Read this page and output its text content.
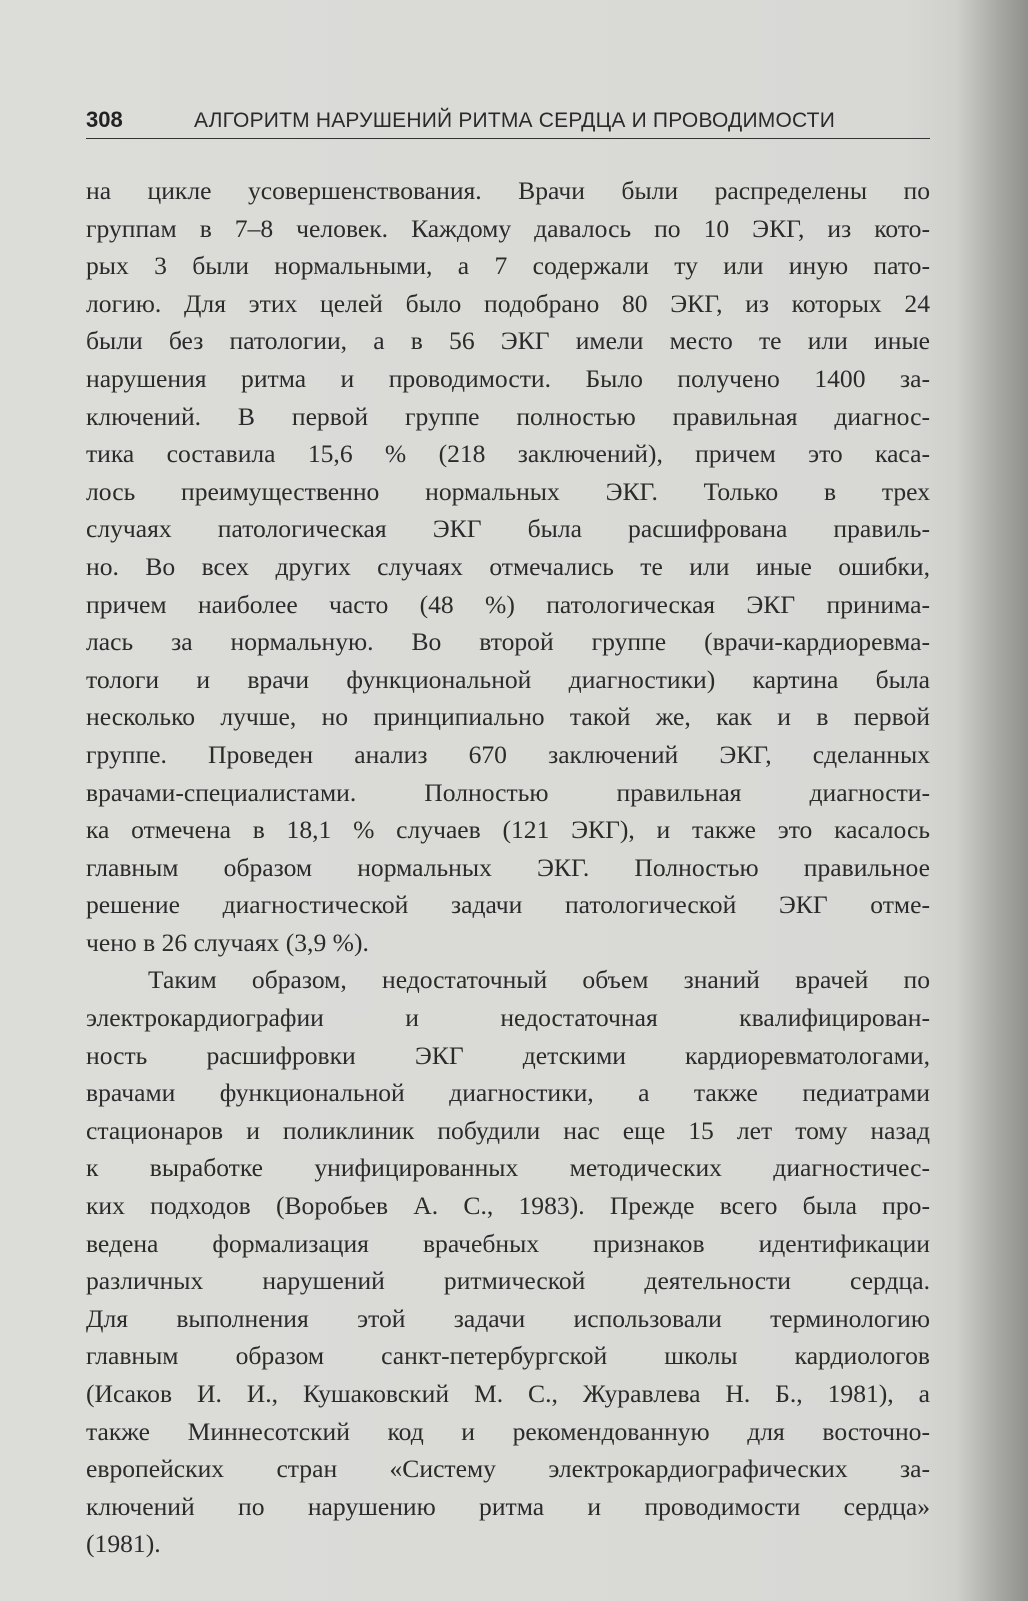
308	АЛГОРИТМ НАРУШЕНИЙ РИТМА СЕРДЦА И ПРОВОДИМОСТИ
на цикле усовершенствования. Врачи были распределены по
группам в 7–8 человек. Каждому давалось по 10 ЭКГ, из кото-
рых 3 были нормальными, а 7 содержали ту или иную пато-
логию. Для этих целей было подобрано 80 ЭКГ, из которых 24
были без патологии, а в 56 ЭКГ имели место те или иные
нарушения ритма и проводимости. Было получено 1400 за-
ключений. В первой группе полностью правильная диагнос-
тика составила 15,6 % (218 заключений), причем это каса-
лось преимущественно нормальных ЭКГ. Только в трех
случаях патологическая ЭКГ была расшифрована правиль-
но. Во всех других случаях отмечались те или иные ошибки,
причем наиболее часто (48 %) патологическая ЭКГ принима-
лась за нормальную. Во второй группе (врачи-кардиоревма-
тологи и врачи функциональной диагностики) картина была
несколько лучше, но принципиально такой же, как и в первой
группе. Проведен анализ 670 заключений ЭКГ, сделанных
врачами-специалистами. Полностью правильная диагности-
ка отмечена в 18,1 % случаев (121 ЭКГ), и также это касалось
главным образом нормальных ЭКГ. Полностью правильное
решение диагностической задачи патологической ЭКГ отме-
чено в 26 случаях (3,9 %).
Таким образом, недостаточный объем знаний врачей по
электрокардиографии и недостаточная квалифицирован-
ность расшифровки ЭКГ детскими кардиоревматологами,
врачами функциональной диагностики, а также педиатрами
стационаров и поликлиник побудили нас еще 15 лет тому назад
к выработке унифицированных методических диагностичес-
ких подходов (Воробьев А. С., 1983). Прежде всего была про-
ведена формализация врачебных признаков идентификации
различных нарушений ритмической деятельности сердца.
Для выполнения этой задачи использовали терминологию
главным образом санкт-петербургской школы кардиологов
(Исаков И. И., Кушаковский М. С., Журавлева Н. Б., 1981), а
также Миннесотский код и рекомендованную для восточно-
европейских стран «Систему электрокардиографических за-
ключений по нарушению ритма и проводимости сердца»
(1981).
